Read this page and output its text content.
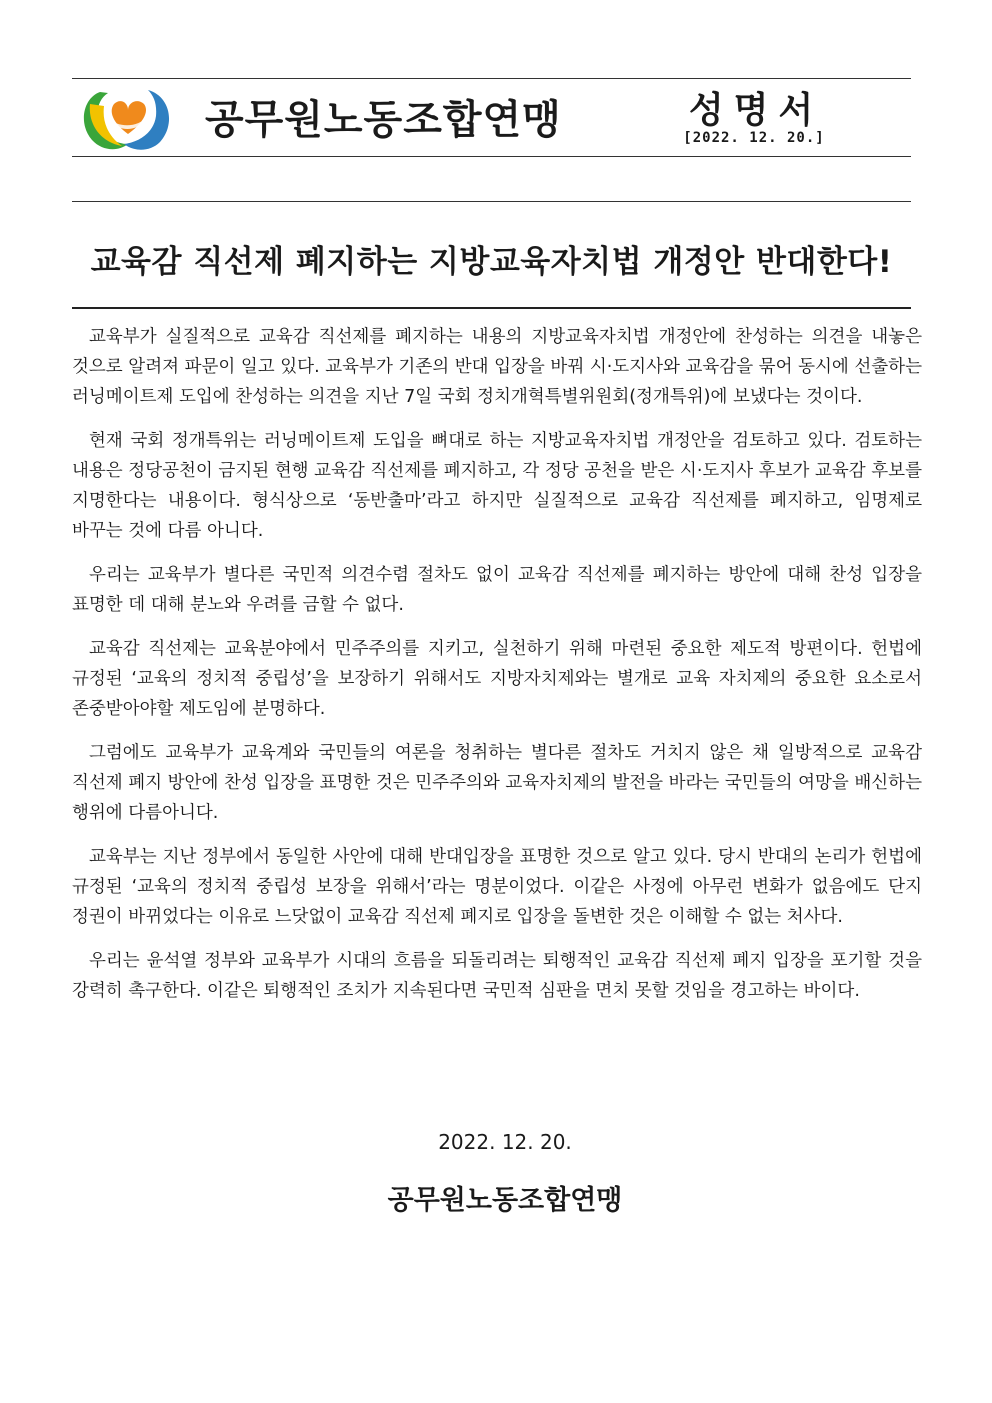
공무원노동조합연맹	성명서
[2022. 12. 20.]
교육감 직선제 폐지하는 지방교육자치법 개정안 반대한다!

교육부가 실질적으로 교육감 직선제를 폐지하는 내용의 지방교육자치법 개정안에 찬성하는 의견을 내놓은 것으로 알려져 파문이 일고 있다. 교육부가 기존의 반대 입장을 바꿔 시·도지사와 교육감을 묶어 동시에 선출하는 러닝메이트제 도입에 찬성하는 의견을 지난 7일 국회 정치개혁특별위원회(정개특위)에 보냈다는 것이다.

현재 국회 정개특위는 러닝메이트제 도입을 뼈대로 하는 지방교육자치법 개정안을 검토하고 있다. 검토하는 내용은 정당공천이 금지된 현행 교육감 직선제를 폐지하고, 각 정당 공천을 받은 시·도지사 후보가 교육감 후보를 지명한다는 내용이다. 형식상으로 ‘동반출마’라고 하지만 실질적으로 교육감 직선제를 폐지하고, 임명제로 바꾸는 것에 다름 아니다.

우리는 교육부가 별다른 국민적 의견수렴 절차도 없이 교육감 직선제를 폐지하는 방안에 대해 찬성 입장을 표명한 데 대해 분노와 우려를 금할 수 없다.

교육감 직선제는 교육분야에서 민주주의를 지키고, 실천하기 위해 마련된 중요한 제도적 방편이다. 헌법에 규정된 ‘교육의 정치적 중립성’을 보장하기 위해서도 지방자치제와는 별개로 교육 자치제의 중요한 요소로서 존중받아야할 제도임에 분명하다.

그럼에도 교육부가 교육계와 국민들의 여론을 청취하는 별다른 절차도 거치지 않은 채 일방적으로 교육감 직선제 폐지 방안에 찬성 입장을 표명한 것은 민주주의와 교육자치제의 발전을 바라는 국민들의 여망을 배신하는 행위에 다름아니다.

교육부는 지난 정부에서 동일한 사안에 대해 반대입장을 표명한 것으로 알고 있다. 당시 반대의 논리가 헌법에 규정된 ‘교육의 정치적 중립성 보장을 위해서’라는 명분이었다. 이같은 사정에 아무런 변화가 없음에도 단지 정권이 바뀌었다는 이유로 느닷없이 교육감 직선제 폐지로 입장을 돌변한 것은 이해할 수 없는 처사다.

우리는 윤석열 정부와 교육부가 시대의 흐름을 되돌리려는 퇴행적인 교육감 직선제 폐지 입장을 포기할 것을 강력히 촉구한다. 이같은 퇴행적인 조치가 지속된다면 국민적 심판을 면치 못할 것임을 경고하는 바이다.

2022. 12. 20.
공무원노동조합연맹
